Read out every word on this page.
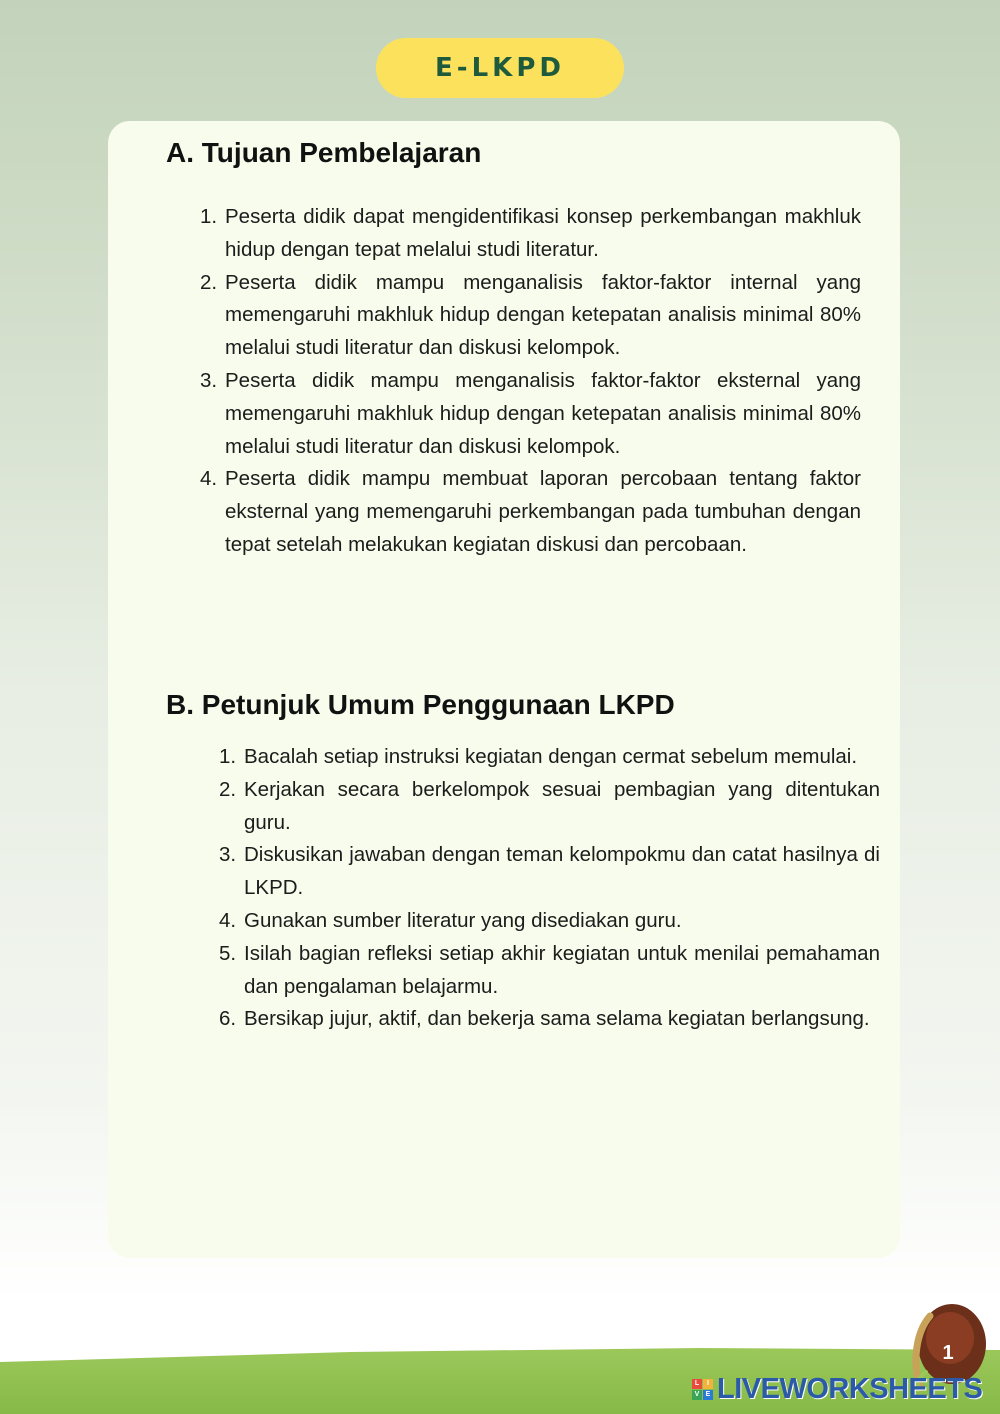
E-LKPD
A. Tujuan Pembelajaran
1. Peserta didik dapat mengidentifikasi konsep perkembangan makhluk hidup dengan tepat melalui studi literatur.
2. Peserta didik mampu menganalisis faktor-faktor internal yang memengaruhi makhluk hidup dengan ketepatan analisis minimal 80% melalui studi literatur dan diskusi kelompok.
3. Peserta didik mampu menganalisis faktor-faktor eksternal yang memengaruhi makhluk hidup dengan ketepatan analisis minimal 80% melalui studi literatur dan diskusi kelompok.
4. Peserta didik mampu membuat laporan percobaan tentang faktor eksternal yang memengaruhi perkembangan pada tumbuhan dengan tepat setelah melakukan kegiatan diskusi dan percobaan.
B. Petunjuk Umum Penggunaan LKPD
1. Bacalah setiap instruksi kegiatan dengan cermat sebelum memulai.
2. Kerjakan secara berkelompok sesuai pembagian yang ditentukan guru.
3. Diskusikan jawaban dengan teman kelompokmu dan catat hasilnya di LKPD.
4. Gunakan sumber literatur yang disediakan guru.
5. Isilah bagian refleksi setiap akhir kegiatan untuk menilai pemahaman dan pengalaman belajarmu.
6. Bersikap jujur, aktif, dan bekerja sama selama kegiatan berlangsung.
1
L	I
V E LIVEWORKSHEETS
